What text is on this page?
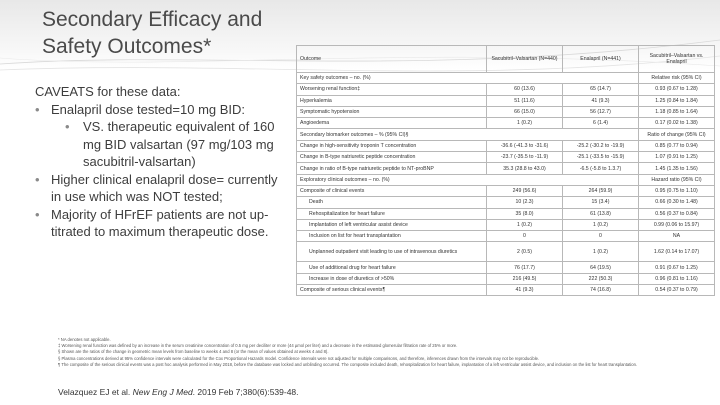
Secondary Efficacy and
Safety Outcomes*
CAVEATS for these data:
• Enalapril dose tested=10 mg BID:
• VS. therapeutic equivalent of 160 mg BID valsartan (97 mg/103 mg sacubitril-valsartan)
• Higher clinical enalapril dose= currently in use which was NOT tested;
• Majority of HFrEF patients are not up-titrated to maximum therapeutic dose.
Outcome	Sacubitril–Valsartan (N=440)	Enalapril (N=441)	Sacubitril–Valsartan vs. Enalapril
Key safety outcomes – no. (%)			Relative risk (95% CI)
Worsening renal function‡	60 (13.6)	65 (14.7)	0.93 (0.67 to 1.28)
Hyperkalemia	51 (11.6)	41 (9.3)	1.25 (0.84 to 1.84)
Symptomatic hypotension	66 (15.0)	56 (12.7)	1.18 (0.85 to 1.64)
Angioedema	1 (0.2)	6 (1.4)	0.17 (0.02 to 1.38)
Secondary biomarker outcomes – % (95% CI)§			Ratio of change (95% CI)
Change in high-sensitivity troponin T concentration	-36.6 (-41.3 to -31.6)	-25.2 (-30.2 to -19.9)	0.85 (0.77 to 0.94)
Change in B-type natriuretic peptide concentration	-23.7 (-35.5 to -11.9)	-25.1 (-33.5 to -15.9)	1.07 (0.91 to 1.25)
Change in ratio of B-type natriuretic peptide to NT-proBNP	35.3 (28.8 to 43.0)	-6.5 (-5.8 to 1.3.7)	1.45 (1.35 to 1.56)
Exploratory clinical outcomes – no. (%)			Hazard ratio (95% CI)
Composite of clinical events	249 (56.6)	264 (59.9)	0.95 (0.75 to 1.10)
Death	10 (2.3)	15 (3.4)	0.66 (0.30 to 1.48)
Rehospitalization for heart failure	35 (8.0)	61 (13.8)	0.56 (0.37 to 0.84)
Implantation of left ventricular assist device	1 (0.2)	1 (0.2)	0.99 (0.06 to 15.97)
Inclusion on list for heart transplantation	0	0	NA
Unplanned outpatient visit leading to use of intravenous diuretics	2 (0.5)	1 (0.2)	1.62 (0.14 to 17.07)
Use of additional drug for heart failure	76 (17.7)	64 (19.5)	0.91 (0.67 to 1.25)
Increase in dose of diuretics of >50%	216 (49.5)	222 (50.3)	0.96 (0.81 to 1.16)
Composite of serious clinical events¶	41 (9.3)	74 (16.8)	0.54 (0.37 to 0.79)
* NA denotes not applicable.
‡ Worsening renal function was defined by an increase in the serum creatinine concentration of 0.5 mg per deciliter or more (44 µmol per liter) and a decrease in the estimated glomerular filtration rate of 25% or more.
§ Shown are the ratios of the change in geometric mean levels from baseline to weeks 4 and 8 (or the mean of values obtained at weeks 4 and 8).
§ Plasma concentrations derived at 95% confidence intervals were calculated for the Cox Proportional Hazards model. Confidence intervals were not adjusted for multiple comparisons, and therefore, inferences drawn from the intervals may not be reproducible.
¶ The composite of the serious clinical events was a post hoc analysis performed in May 2018, before the database was locked and unblinding occurred. The composite included death, rehospitalization for heart failure, implantation of a left ventricular assist device, and inclusion on the list for heart transplantation.
Velazquez EJ et al. New Eng J Med. 2019 Feb 7;380(6):539-48.
